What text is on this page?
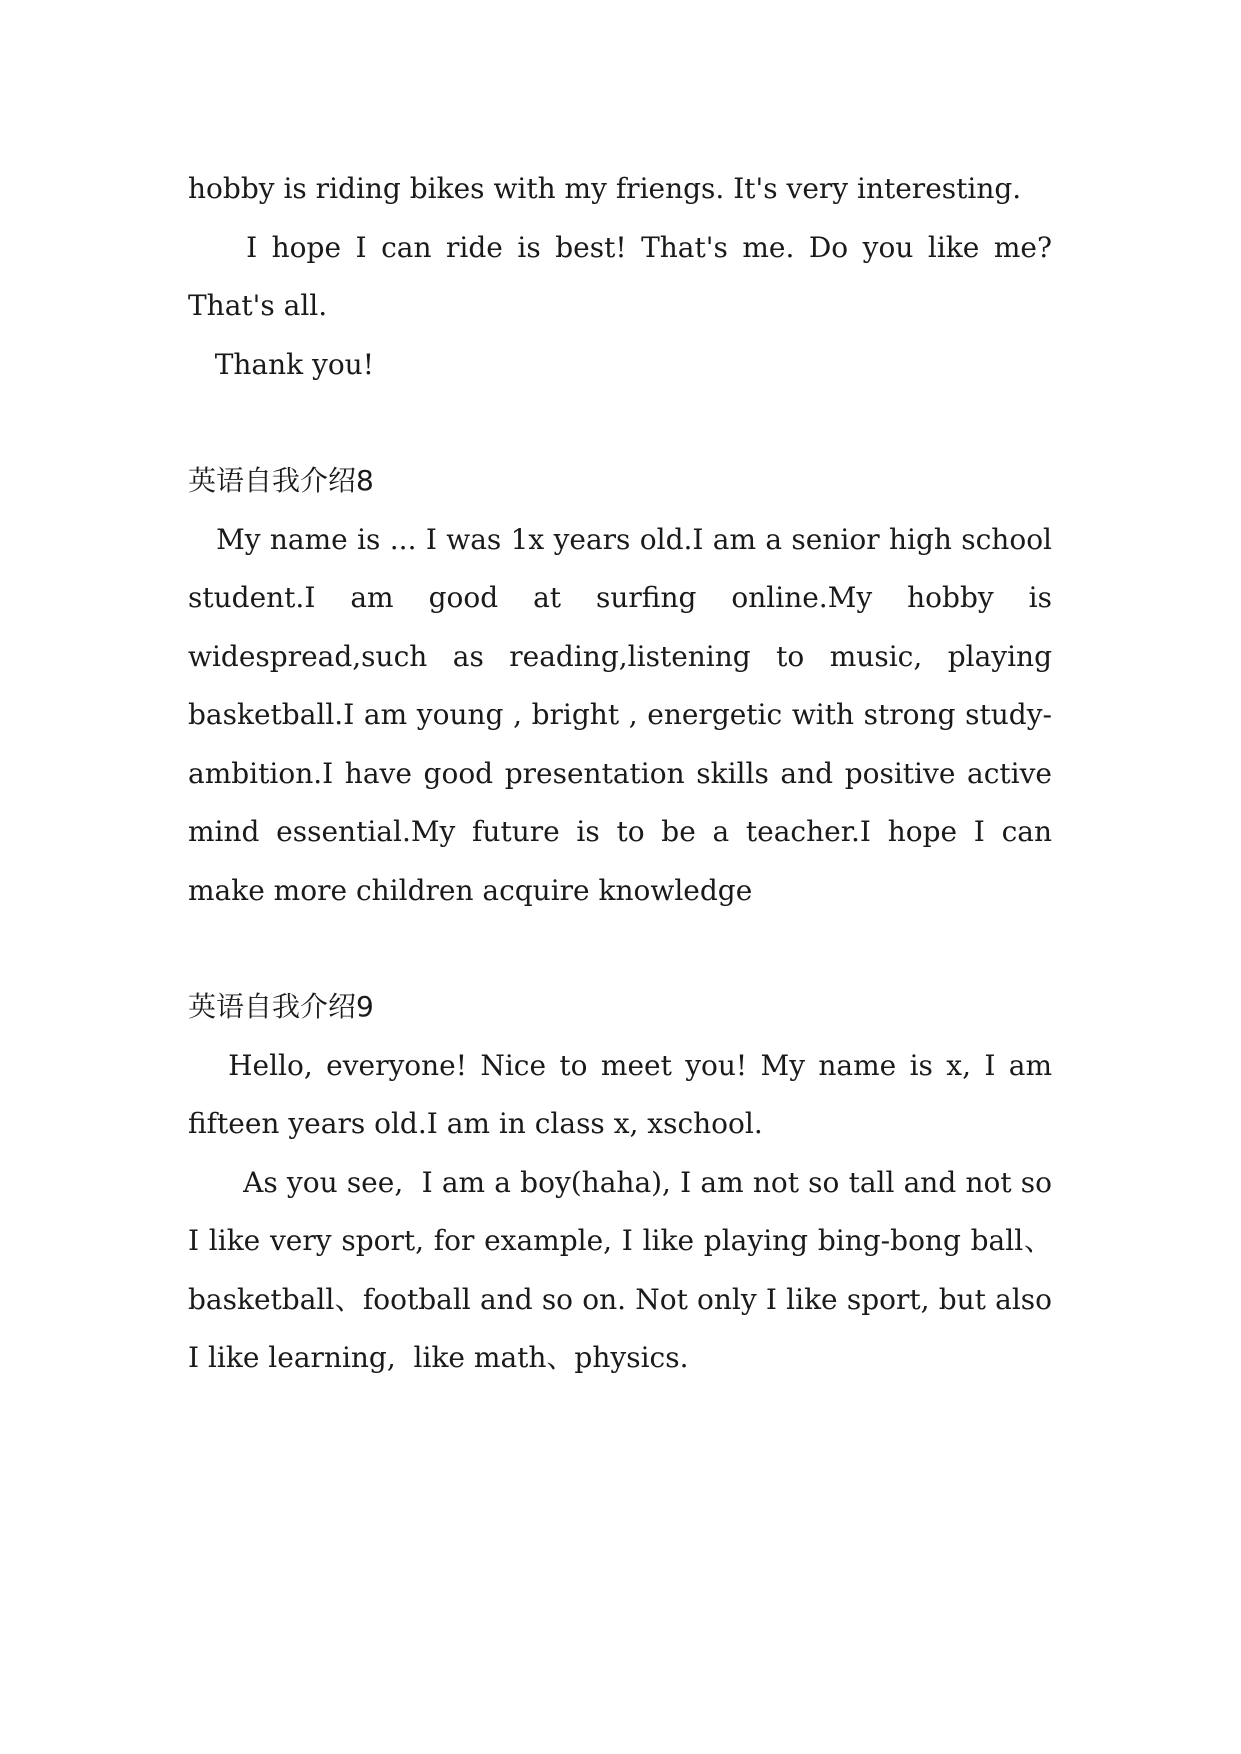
hobby is riding bikes with my friengs. It's very interesting.

I hope I can ride is best! That's me. Do you like me? That's all.

Thank you!

英语自我介绍8

My name is ... I was 1x years old.I am a senior high school student.I am good at surfing online.My hobby is widespread,such as reading,listening to music, playing basketball.I am young , bright , energetic with strong study-ambition.I have good presentation skills and positive active mind essential.My future is to be a teacher.I hope I can make more children acquire knowledge

英语自我介绍9

Hello, everyone! Nice to meet you! My name is x, I am fifteen years old.I am in class x, xschool.

As you see,  I am a boy(haha), I am not so tall and not so I like very sport, for example, I like playing bing-bong ball、basketball、football and so on. Not only I like sport, but also I like learning,  like math、physics.
